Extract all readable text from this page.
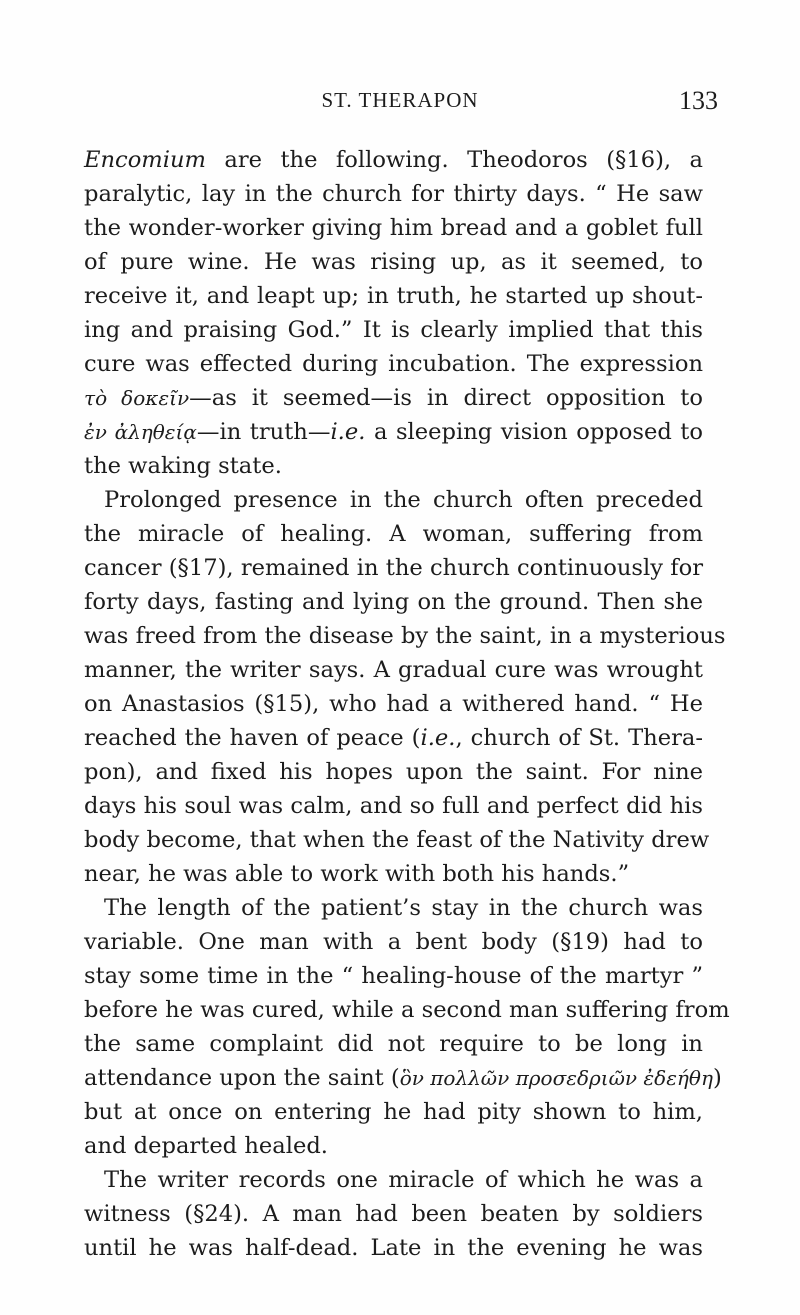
ST. THERAPON	133
Encomium are the following. Theodoros (§16), a
paralytic, lay in the church for thirty days. “ He saw
the wonder-worker giving him bread and a goblet full
of pure wine. He was rising up, as it seemed, to
receive it, and leapt up; in truth, he started up shout-
ing and praising God.” It is clearly implied that this
cure was effected during incubation. The expression
τὸ δοκεῖν—as it seemed—is in direct opposition to
ἐν ἀληθείᾳ—in truth—i.e. a sleeping vision opposed to
the waking state.
Prolonged presence in the church often preceded
the miracle of healing. A woman, suffering from
cancer (§17), remained in the church continuously for
forty days, fasting and lying on the ground. Then she
was freed from the disease by the saint, in a mysterious
manner, the writer says. A gradual cure was wrought
on Anastasios (§15), who had a withered hand. “ He
reached the haven of peace (i.e., church of St. Thera-
pon), and fixed his hopes upon the saint. For nine
days his soul was calm, and so full and perfect did his
body become, that when the feast of the Nativity drew
near, he was able to work with both his hands.”
The length of the patient’s stay in the church was
variable. One man with a bent body (§19) had to
stay some time in the “ healing-house of the martyr ”
before he was cured, while a second man suffering from
the same complaint did not require to be long in
attendance upon the saint (ὃν πολλῶν προσεδριῶν ἐδεήθη)
but at once on entering he had pity shown to him,
and departed healed.
The writer records one miracle of which he was a
witness (§24). A man had been beaten by soldiers
until he was half-dead. Late in the evening he was
